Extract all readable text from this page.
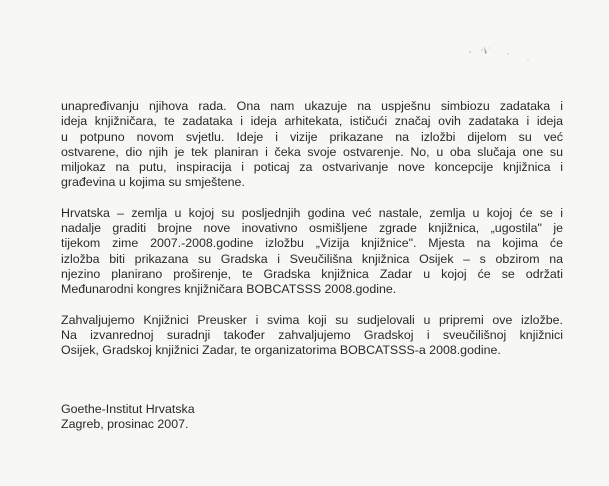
unapređivanju njihova rada. Ona nam ukazuje na uspješnu simbiozu zadataka i
ideja knjižničara, te zadataka i ideja arhitekata, ističući značaj ovih zadataka i ideja
u potpuno novom svjetlu. Ideje i vizije prikazane na izložbi dijelom su već
ostvarene, dio njih je tek planiran i čeka svoje ostvarenje. No, u oba slučaja one su
miljokaz na putu, inspiracija i poticaj za ostvarivanje nove koncepcije knjižnica i
građevina u kojima su smještene.

Hrvatska – zemlja u kojoj su posljednjih godina već nastale, zemlja u kojoj će se i
nadalje graditi brojne nove inovativno osmišljene zgrade knjižnica, „ugostila" je
tijekom zime 2007.-2008.godine izložbu „Vizija knjižnice". Mjesta na kojima će
izložba biti prikazana su Gradska i Sveučilišna knjižnica Osijek – s obzirom na
njezino planirano proširenje, te Gradska knjižnica Zadar u kojoj će se održati
Međunarodni kongres knjižničara BOBCATSSS 2008.godine.

Zahvaljujemo Knjižnici Preusker i svima koji su sudjelovali u pripremi ove izložbe.
Na izvanrednoj suradnji također zahvaljujemo Gradskoj i sveučilišnoj knjižnici
Osijek, Gradskoj knjižnici Zadar, te organizatorima BOBCATSSS-a 2008.godine.

Goethe-Institut Hrvatska
Zagreb, prosinac 2007.
